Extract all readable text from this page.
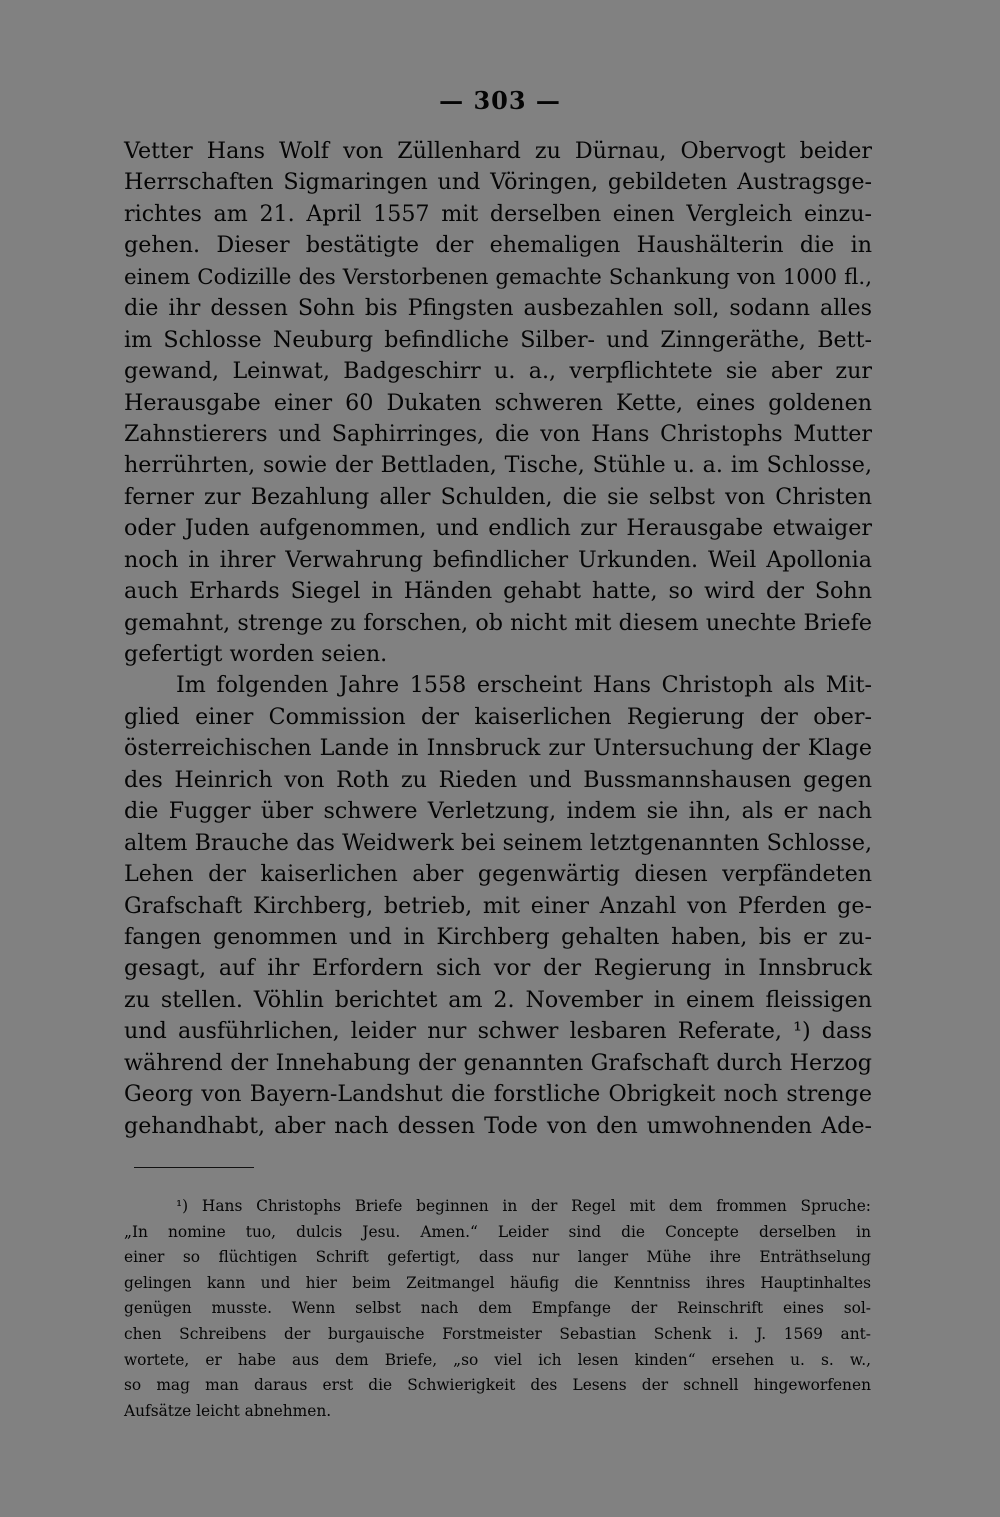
— 303 —
Vetter Hans Wolf von Züllenhard zu Dürnau, Obervogt beider
Herrschaften Sigmaringen und Vöringen, gebildeten Austragsge-
richtes am 21. April 1557 mit derselben einen Vergleich einzu-
gehen. Dieser bestätigte der ehemaligen Haushälterin die in
einem Codizille des Verstorbenen gemachte Schankung von 1000 fl.,
die ihr dessen Sohn bis Pfingsten ausbezahlen soll, sodann alles
im Schlosse Neuburg befindliche Silber- und Zinngeräthe, Bett-
gewand, Leinwat, Badgeschirr u. a., verpflichtete sie aber zur
Herausgabe einer 60 Dukaten schweren Kette, eines goldenen
Zahnstierers und Saphirringes, die von Hans Christophs Mutter
herrührten, sowie der Bettladen, Tische, Stühle u. a. im Schlosse,
ferner zur Bezahlung aller Schulden, die sie selbst von Christen
oder Juden aufgenommen, und endlich zur Herausgabe etwaiger
noch in ihrer Verwahrung befindlicher Urkunden. Weil Apollonia
auch Erhards Siegel in Händen gehabt hatte, so wird der Sohn
gemahnt, strenge zu forschen, ob nicht mit diesem unechte Briefe
gefertigt worden seien.
Im folgenden Jahre 1558 erscheint Hans Christoph als Mit-
glied einer Commission der kaiserlichen Regierung der ober-
österreichischen Lande in Innsbruck zur Untersuchung der Klage
des Heinrich von Roth zu Rieden und Bussmannshausen gegen
die Fugger über schwere Verletzung, indem sie ihn, als er nach
altem Brauche das Weidwerk bei seinem letztgenannten Schlosse,
Lehen der kaiserlichen aber gegenwärtig diesen verpfändeten
Grafschaft Kirchberg, betrieb, mit einer Anzahl von Pferden ge-
fangen genommen und in Kirchberg gehalten haben, bis er zu-
gesagt, auf ihr Erfordern sich vor der Regierung in Innsbruck
zu stellen. Vöhlin berichtet am 2. November in einem fleissigen
und ausführlichen, leider nur schwer lesbaren Referate, ¹) dass
während der Innehabung der genannten Grafschaft durch Herzog
Georg von Bayern-Landshut die forstliche Obrigkeit noch strenge
gehandhabt, aber nach dessen Tode von den umwohnenden Ade-
¹) Hans Christophs Briefe beginnen in der Regel mit dem frommen Spruche:
„In nomine tuo, dulcis Jesu. Amen.“ Leider sind die Concepte derselben in
einer so flüchtigen Schrift gefertigt, dass nur langer Mühe ihre Enträthselung
gelingen kann und hier beim Zeitmangel häufig die Kenntniss ihres Hauptinhaltes
genügen musste. Wenn selbst nach dem Empfange der Reinschrift eines sol-
chen Schreibens der burgauische Forstmeister Sebastian Schenk i. J. 1569 ant-
wortete, er habe aus dem Briefe, „so viel ich lesen kinden“ ersehen u. s. w.,
so mag man daraus erst die Schwierigkeit des Lesens der schnell hingeworfenen
Aufsätze leicht abnehmen.
